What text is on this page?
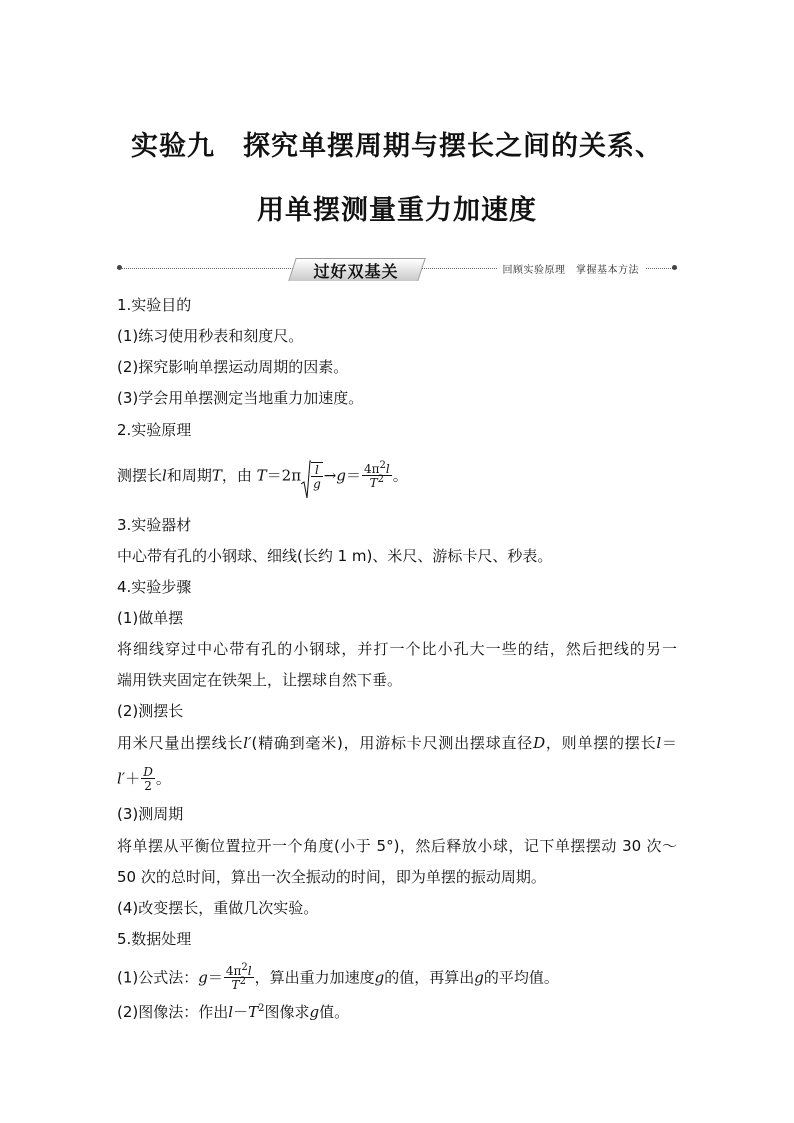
实验九 探究单摆周期与摆长之间的关系、
用单摆测量重力加速度
过好双基关	回顾实验原理　掌握基本方法
1.实验目的
(1)练习使用秒表和刻度尺。
(2)探究影响单摆运动周期的因素。
(3)学会用单摆测定当地重力加速度。
2.实验原理
测摆长l和周期T，由 $T=2\pi \frac{l}{g} \to g= \frac{4\pi^2l}{T^2}$ 。
3.实验器材
中心带有孔的小钢球、细线(长约 1 m)、米尺、游标卡尺、秒表。
4.实验步骤
(1)做单摆
将细线穿过中心带有孔的小钢球，并打一个比小孔大一些的结，然后把线的另一
端用铁夹固定在铁架上，让摆球自然下垂。
(2)测摆长
用米尺量出摆线长l′(精确到毫米)，用游标卡尺测出摆球直径D，则单摆的摆长l＝
$l'+ \frac{D}{2}$ 。
(3)测周期
将单摆从平衡位置拉开一个角度(小于 5°)，然后释放小球，记下单摆摆动 30 次～
50 次的总时间，算出一次全振动的时间，即为单摆的振动周期。
(4)改变摆长，重做几次实验。
5.数据处理
(1)公式法：$g= \frac{4\pi^2l}{T^2}$ ，算出重力加速度g的值，再算出g的平均值。
(2)图像法：作出$l-T^2$图像求g值。
